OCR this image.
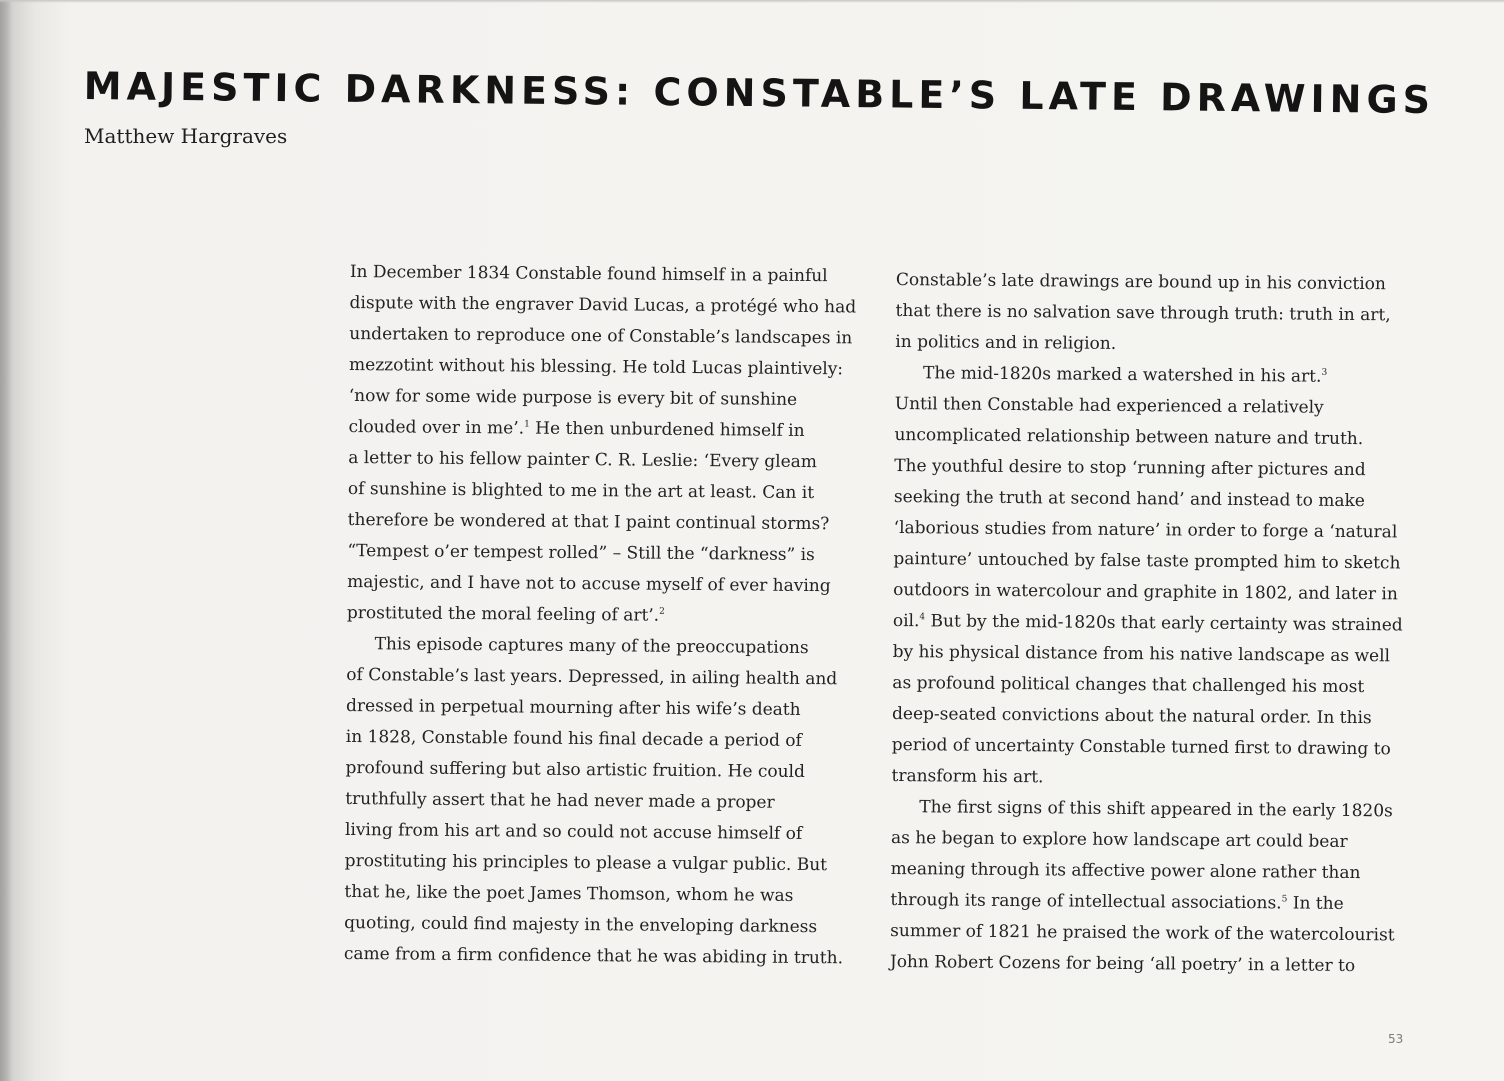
MAJESTIC DARKNESS: CONSTABLE’S LATE DRAWINGS
Matthew Hargraves
In December 1834 Constable found himself in a painful
dispute with the engraver David Lucas, a protégé who had
undertaken to reproduce one of Constable’s landscapes in
mezzotint without his blessing. He told Lucas plaintively:
‘now for some wide purpose is every bit of sunshine
clouded over in me’.$^1$ He then unburdened himself in
a letter to his fellow painter C. R. Leslie: ‘Every gleam
of sunshine is blighted to me in the art at least. Can it
therefore be wondered at that I paint continual storms?
“Tempest o’er tempest rolled” – Still the “darkness” is
majestic, and I have not to accuse myself of ever having
prostituted the moral feeling of art’.$^2$
This episode captures many of the preoccupations
of Constable’s last years. Depressed, in ailing health and
dressed in perpetual mourning after his wife’s death
in 1828, Constable found his final decade a period of
profound suffering but also artistic fruition. He could
truthfully assert that he had never made a proper
living from his art and so could not accuse himself of
prostituting his principles to please a vulgar public. But
that he, like the poet James Thomson, whom he was
quoting, could find majesty in the enveloping darkness
came from a firm confidence that he was abiding in truth.
Constable’s late drawings are bound up in his conviction
that there is no salvation save through truth: truth in art,
in politics and in religion.
The mid-1820s marked a watershed in his art.$^3$
Until then Constable had experienced a relatively
uncomplicated relationship between nature and truth.
The youthful desire to stop ‘running after pictures and
seeking the truth at second hand’ and instead to make
‘laborious studies from nature’ in order to forge a ‘natural
painture’ untouched by false taste prompted him to sketch
outdoors in watercolour and graphite in 1802, and later in
oil.$^4$ But by the mid-1820s that early certainty was strained
by his physical distance from his native landscape as well
as profound political changes that challenged his most
deep-seated convictions about the natural order. In this
period of uncertainty Constable turned first to drawing to
transform his art.
The first signs of this shift appeared in the early 1820s
as he began to explore how landscape art could bear
meaning through its affective power alone rather than
through its range of intellectual associations.$^5$ In the
summer of 1821 he praised the work of the watercolourist
John Robert Cozens for being ‘all poetry’ in a letter to
53
